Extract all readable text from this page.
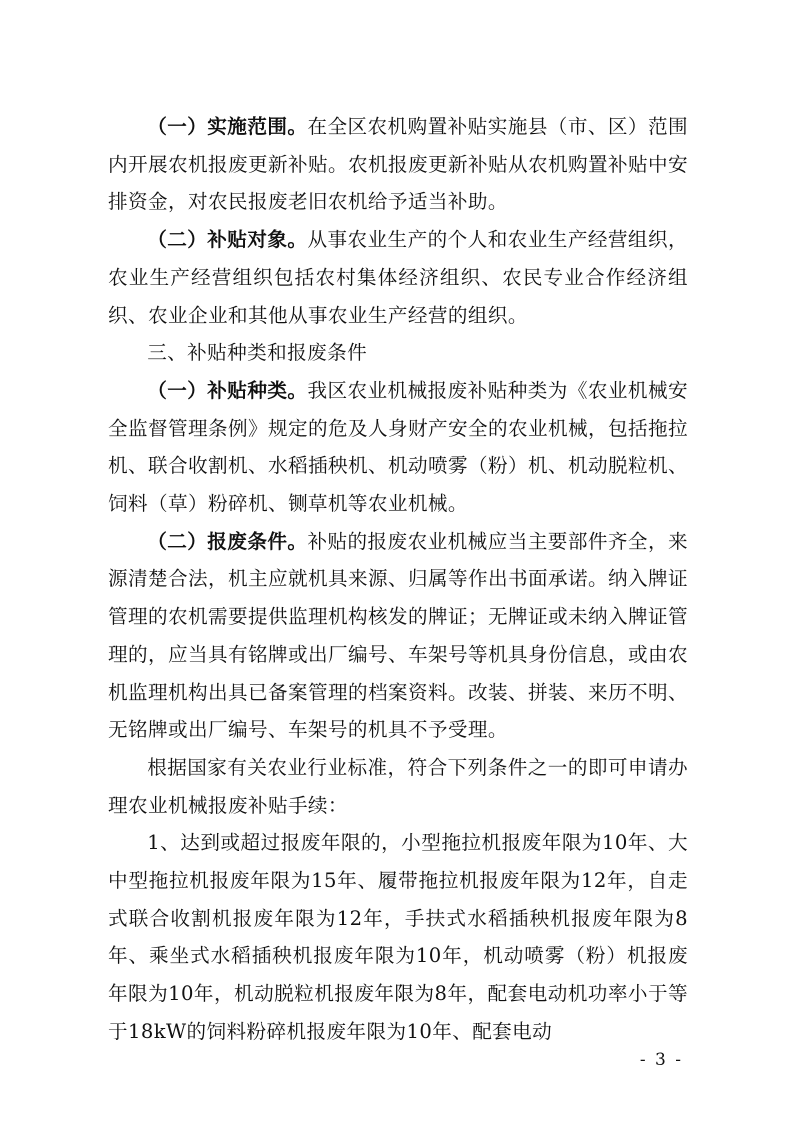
（一）实施范围。在全区农机购置补贴实施县（市、区）范围内开展农机报废更新补贴。农机报废更新补贴从农机购置补贴中安排资金，对农民报废老旧农机给予适当补助。

（二）补贴对象。从事农业生产的个人和农业生产经营组织，农业生产经营组织包括农村集体经济组织、农民专业合作经济组织、农业企业和其他从事农业生产经营的组织。

三、补贴种类和报废条件

（一）补贴种类。我区农业机械报废补贴种类为《农业机械安全监督管理条例》规定的危及人身财产安全的农业机械，包括拖拉机、联合收割机、水稻插秧机、机动喷雾（粉）机、机动脱粒机、饲料（草）粉碎机、铡草机等农业机械。

（二）报废条件。补贴的报废农业机械应当主要部件齐全，来源清楚合法，机主应就机具来源、归属等作出书面承诺。纳入牌证管理的农机需要提供监理机构核发的牌证；无牌证或未纳入牌证管理的，应当具有铭牌或出厂编号、车架号等机具身份信息，或由农机监理机构出具已备案管理的档案资料。改装、拼装、来历不明、无铭牌或出厂编号、车架号的机具不予受理。

根据国家有关农业行业标准，符合下列条件之一的即可申请办理农业机械报废补贴手续：

1、达到或超过报废年限的，小型拖拉机报废年限为10年、大中型拖拉机报废年限为15年、履带拖拉机报废年限为12年，自走式联合收割机报废年限为12年，手扶式水稻插秧机报废年限为8年、乘坐式水稻插秧机报废年限为10年，机动喷雾（粉）机报废年限为10年，机动脱粒机报废年限为8年，配套电动机功率小于等于18kW的饲料粉碎机报废年限为10年、配套电动

- 3 -
